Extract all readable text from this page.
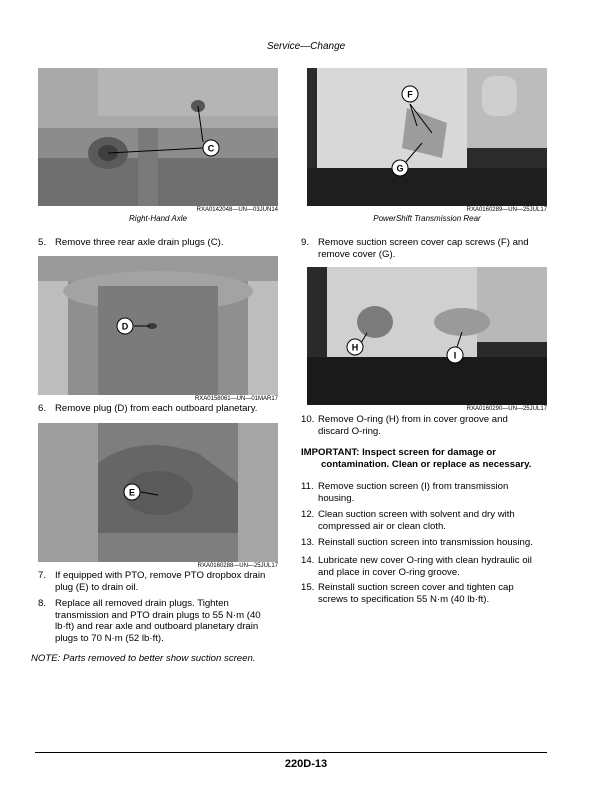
Service—Change
C
RXA0142048—UN—03JUN14
Right-Hand Axle
F
G
RXA0160289—UN—25JUL17
PowerShift Transmission Rear
5. Remove three rear axle drain plugs (C).
D
RXA0158061—UN—01MAR17
6. Remove plug (D) from each outboard planetary.
H
I
RXA0160290—UN—25JUL17
E
RXA0160288—UN—25JUL17
7. If equipped with PTO, remove PTO dropbox drain
plug (E) to drain oil.
8. Replace all removed drain plugs. Tighten
transmission and PTO drain plugs to 55 N·m (40
lb·ft) and rear axle and outboard planetary drain
plugs to 70 N·m (52 lb·ft).
NOTE: Parts removed to better show suction screen.
9. Remove suction screen cover cap screws (F) and
remove cover (G).
10. Remove O-ring (H) from in cover groove and
discard O-ring.
IMPORTANT: Inspect screen for damage or
contamination. Clean or replace as necessary.
11. Remove suction screen (I) from transmission
housing.
12. Clean suction screen with solvent and dry with
compressed air or clean cloth.
13. Reinstall suction screen into transmission housing.
14. Lubricate new cover O-ring with clean hydraulic oil
and place in cover O-ring groove.
15. Reinstall suction screen cover and tighten cap
screws to specification 55 N·m (40 lb·ft).
220D-13
